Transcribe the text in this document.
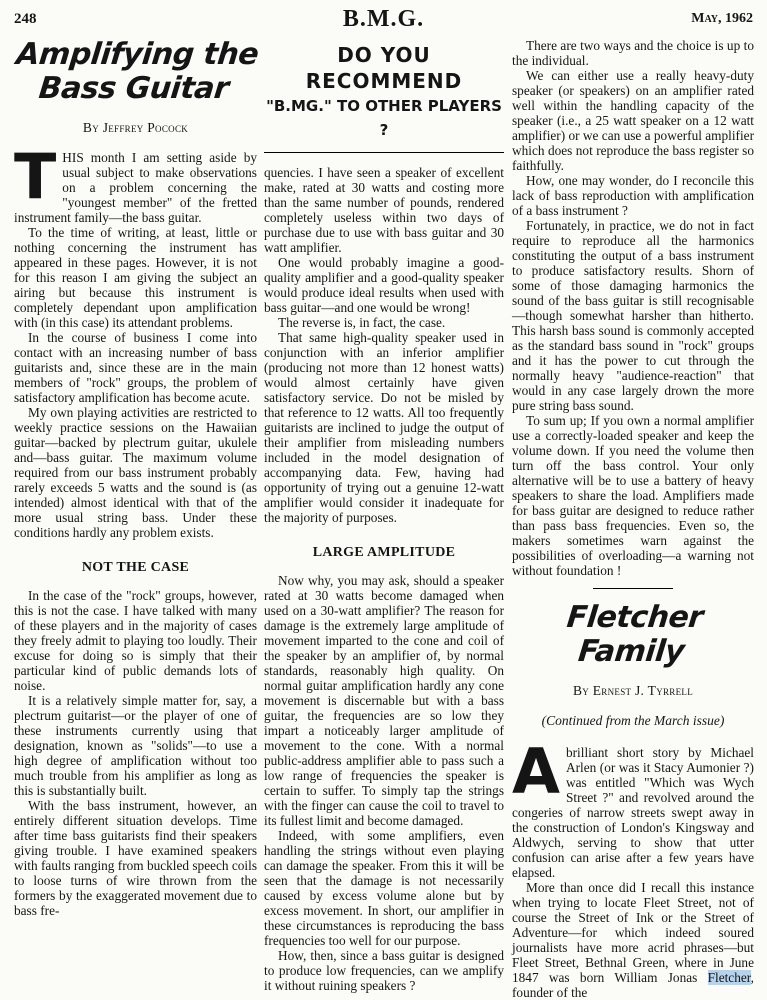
248	B.M.G.	May, 1962
Amplifying the Bass Guitar
By Jeffrey Pocock
T HIS month I am setting aside by usual subject to make observations on a problem concerning the "youngest member" of the fretted instrument family—the bass guitar.

To the time of writing, at least, little or nothing concerning the instrument has appeared in these pages. However, it is not for this reason I am giving the subject an airing but because this instrument is completely dependant upon amplification with (in this case) its attendant problems.

In the course of business I come into contact with an increasing number of bass guitarists and, since these are in the main members of "rock" groups, the problem of satisfactory amplification has become acute.

My own playing activities are restricted to weekly practice sessions on the Hawaiian guitar—backed by plectrum guitar, ukulele and—bass guitar. The maximum volume required from our bass instrument probably rarely exceeds 5 watts and the sound is (as intended) almost identical with that of the more usual string bass. Under these conditions hardly any problem exists.

NOT THE CASE

In the case of the "rock" groups, however, this is not the case. I have talked with many of these players and in the majority of cases they freely admit to playing too loudly. Their excuse for doing so is simply that their particular kind of public demands lots of noise.

It is a relatively simple matter for, say, a plectrum guitarist—or the player of one of these instruments currently using that designation, known as "solids"—to use a high degree of amplification without too much trouble from his amplifier as long as this is substantially built.

With the bass instrument, however, an entirely different situation develops. Time after time bass guitarists find their speakers giving trouble. I have examined speakers with faults ranging from buckled speech coils to loose turns of wire thrown from the formers by the exaggerated movement due to bass fre-

DO YOU RECOMMEND
"B.MG." TO OTHER PLAYERS ?

quencies. I have seen a speaker of excellent make, rated at 30 watts and costing more than the same number of pounds, rendered completely useless within two days of purchase due to use with bass guitar and 30 watt amplifier.

One would probably imagine a good-quality amplifier and a good-quality speaker would produce ideal results when used with bass guitar—and one would be wrong!

The reverse is, in fact, the case.

That same high-quality speaker used in conjunction with an inferior amplifier (producing not more than 12 honest watts) would almost certainly have given satisfactory service. Do not be misled by that reference to 12 watts. All too frequently guitarists are inclined to judge the output of their amplifier from misleading numbers included in the model designation of accompanying data. Few, having had opportunity of trying out a genuine 12-watt amplifier would consider it inadequate for the majority of purposes.

LARGE AMPLITUDE

Now why, you may ask, should a speaker rated at 30 watts become damaged when used on a 30-watt amplifier? The reason for damage is the extremely large amplitude of movement imparted to the cone and coil of the speaker by an amplifier of, by normal standards, reasonably high quality. On normal guitar amplification hardly any cone movement is discernable but with a bass guitar, the frequencies are so low they impart a noticeably larger amplitude of movement to the cone. With a normal public-address amplifier able to pass such a low range of frequencies the speaker is certain to suffer. To simply tap the strings with the finger can cause the coil to travel to its fullest limit and become damaged.

Indeed, with some amplifiers, even handling the strings without even playing can damage the speaker. From this it will be seen that the damage is not necessarily caused by excess volume alone but by excess movement. In short, our amplifier in these circumstances is reproducing the bass frequencies too well for our purpose.

How, then, since a bass guitar is designed to produce low frequencies, can we amplify it without ruining speakers ?

There are two ways and the choice is up to the individual.

We can either use a really heavy-duty speaker (or speakers) on an amplifier rated well within the handling capacity of the speaker (i.e., a 25 watt speaker on a 12 watt amplifier) or we can use a powerful amplifier which does not reproduce the bass register so faithfully.

How, one may wonder, do I reconcile this lack of bass reproduction with amplification of a bass instrument ?

Fortunately, in practice, we do not in fact require to reproduce all the harmonics constituting the output of a bass instrument to produce satisfactory results. Shorn of some of those damaging harmonics the sound of the bass guitar is still recognisable—though somewhat harsher than hitherto. This harsh bass sound is commonly accepted as the standard bass sound in "rock" groups and it has the power to cut through the normally heavy "audience-reaction" that would in any case largely drown the more pure string bass sound.

To sum up; If you own a normal amplifier use a correctly-loaded speaker and keep the volume down. If you need the volume then turn off the bass control. Your only alternative will be to use a battery of heavy speakers to share the load. Amplifiers made for bass guitar are designed to reduce rather than pass bass frequencies. Even so, the makers sometimes warn against the possibilities of overloading—a warning not without foundation !

Fletcher Family
By Ernest J. Tyrrell
(Continued from the March issue)
A brilliant short story by Michael Arlen (or was it Stacy Aumonier ?) was entitled "Which was Wych Street ?" and revolved around the congeries of narrow streets swept away in the construction of London's Kingsway and Aldwych, serving to show that utter confusion can arise after a few years have elapsed.

More than once did I recall this instance when trying to locate Fleet Street, not of course the Street of Ink or the Street of Adventure—for which indeed soured journalists have more acrid phrases—but Fleet Street, Bethnal Green, where in June 1847 was born William Jonas Fletcher, founder of the
